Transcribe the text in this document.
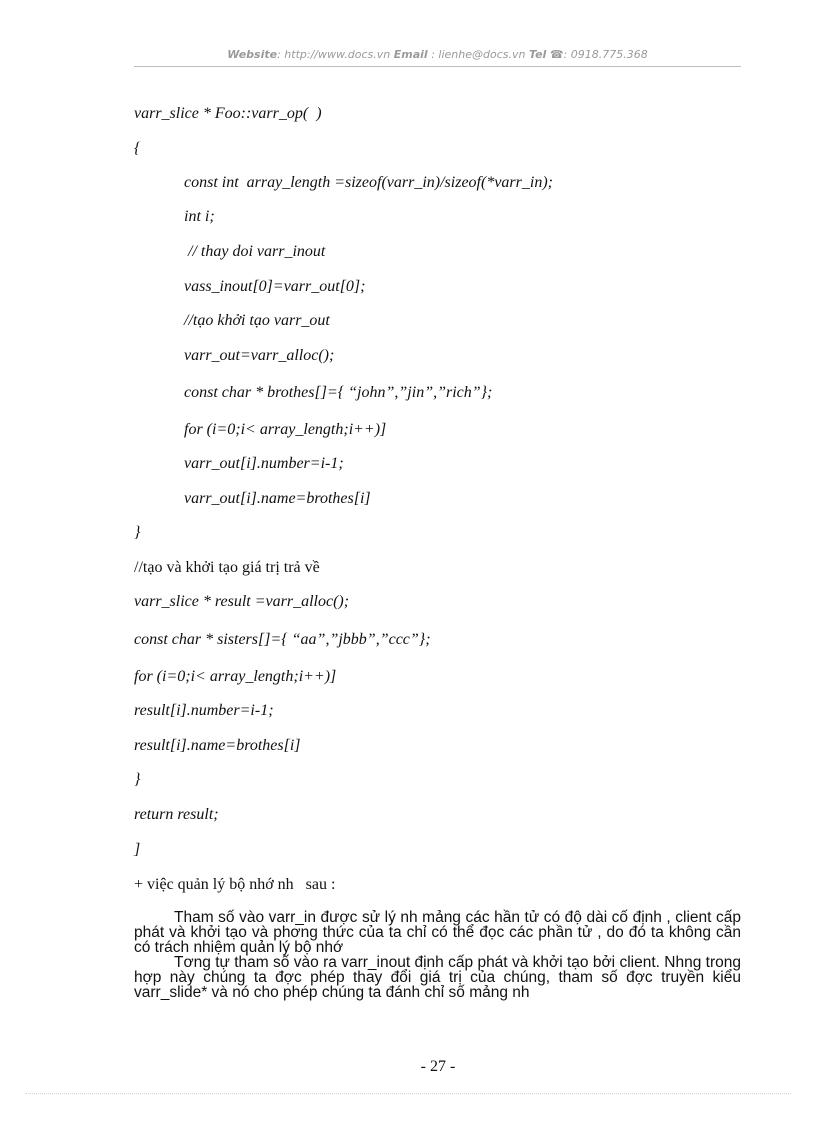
Website: http://www.docs.vn Email : lienhe@docs.vn Tel ☎: 0918.775.368
varr_slice * Foo::varr_op(  )
{
const int  array_length =sizeof(varr_in)/sizeof(*varr_in);
int i;
// thay doi varr_inout
vass_inout[0]=varr_out[0];
//tạo khởi tạo varr_out
varr_out=varr_alloc();
const char * brothes[]={ “john”,”jin”,”rich”};
for (i=0;i< array_length;i++)]
varr_out[i].number=i-1;
varr_out[i].name=brothes[i]
}
//tạo và khởi tạo giá trị trả về
varr_slice * result =varr_alloc();
const char * sisters[]={ “aa”,”jbbb”,”ccc”};
for (i=0;i< array_length;i++)]
result[i].number=i-1;
result[i].name=brothes[i]
}
return result;
]
+ việc quản lý bộ nhớ nh   sau :

Tham số vào varr_in được sử lý nh mảng các hần tử có độ dài cố định , client cấp phát và khởi tạo và phơng thức của ta chỉ có thể đọc các phần tử , do đó ta không cần có trách nhiệm quản lý bộ nhớ

Tơng tự tham số vào ra varr_inout định cấp phát và khởi tạo bởi client. Nhng trong hợp này chúng ta đợc phép thay đổi giá trị của chúng, tham số đợc truyền kiểu varr_slide* và nó cho phép chúng ta đánh chỉ số mảng nh

- 27 -
